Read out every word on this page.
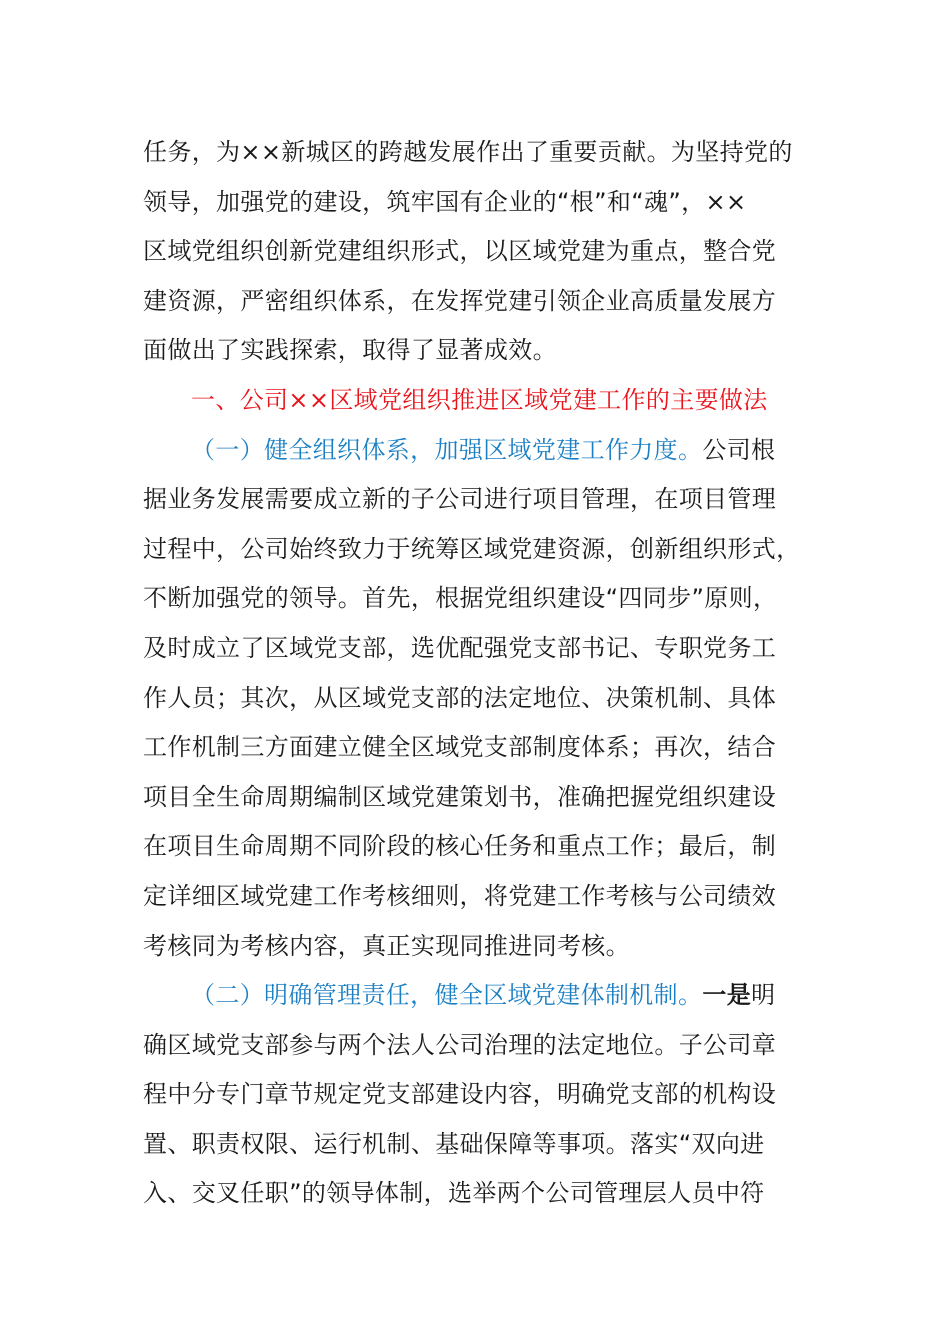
任务，为××新城区的跨越发展作出了重要贡献。为坚持党的
领导，加强党的建设，筑牢国有企业的“根”和“魂”，××
区域党组织创新党建组织形式，以区域党建为重点，整合党
建资源，严密组织体系，在发挥党建引领企业高质量发展方
面做出了实践探索，取得了显著成效。
一、公司××区域党组织推进区域党建工作的主要做法
（一）健全组织体系，加强区域党建工作力度。公司根
据业务发展需要成立新的子公司进行项目管理，在项目管理
过程中，公司始终致力于统筹区域党建资源，创新组织形式，
不断加强党的领导。首先，根据党组织建设“四同步”原则，
及时成立了区域党支部，选优配强党支部书记、专职党务工
作人员；其次，从区域党支部的法定地位、决策机制、具体
工作机制三方面建立健全区域党支部制度体系；再次，结合
项目全生命周期编制区域党建策划书，准确把握党组织建设
在项目生命周期不同阶段的核心任务和重点工作；最后，制
定详细区域党建工作考核细则，将党建工作考核与公司绩效
考核同为考核内容，真正实现同推进同考核。
（二）明确管理责任，健全区域党建体制机制。一是明
确区域党支部参与两个法人公司治理的法定地位。子公司章
程中分专门章节规定党支部建设内容，明确党支部的机构设
置、职责权限、运行机制、基础保障等事项。落实“双向进
入、交叉任职”的领导体制，选举两个公司管理层人员中符
